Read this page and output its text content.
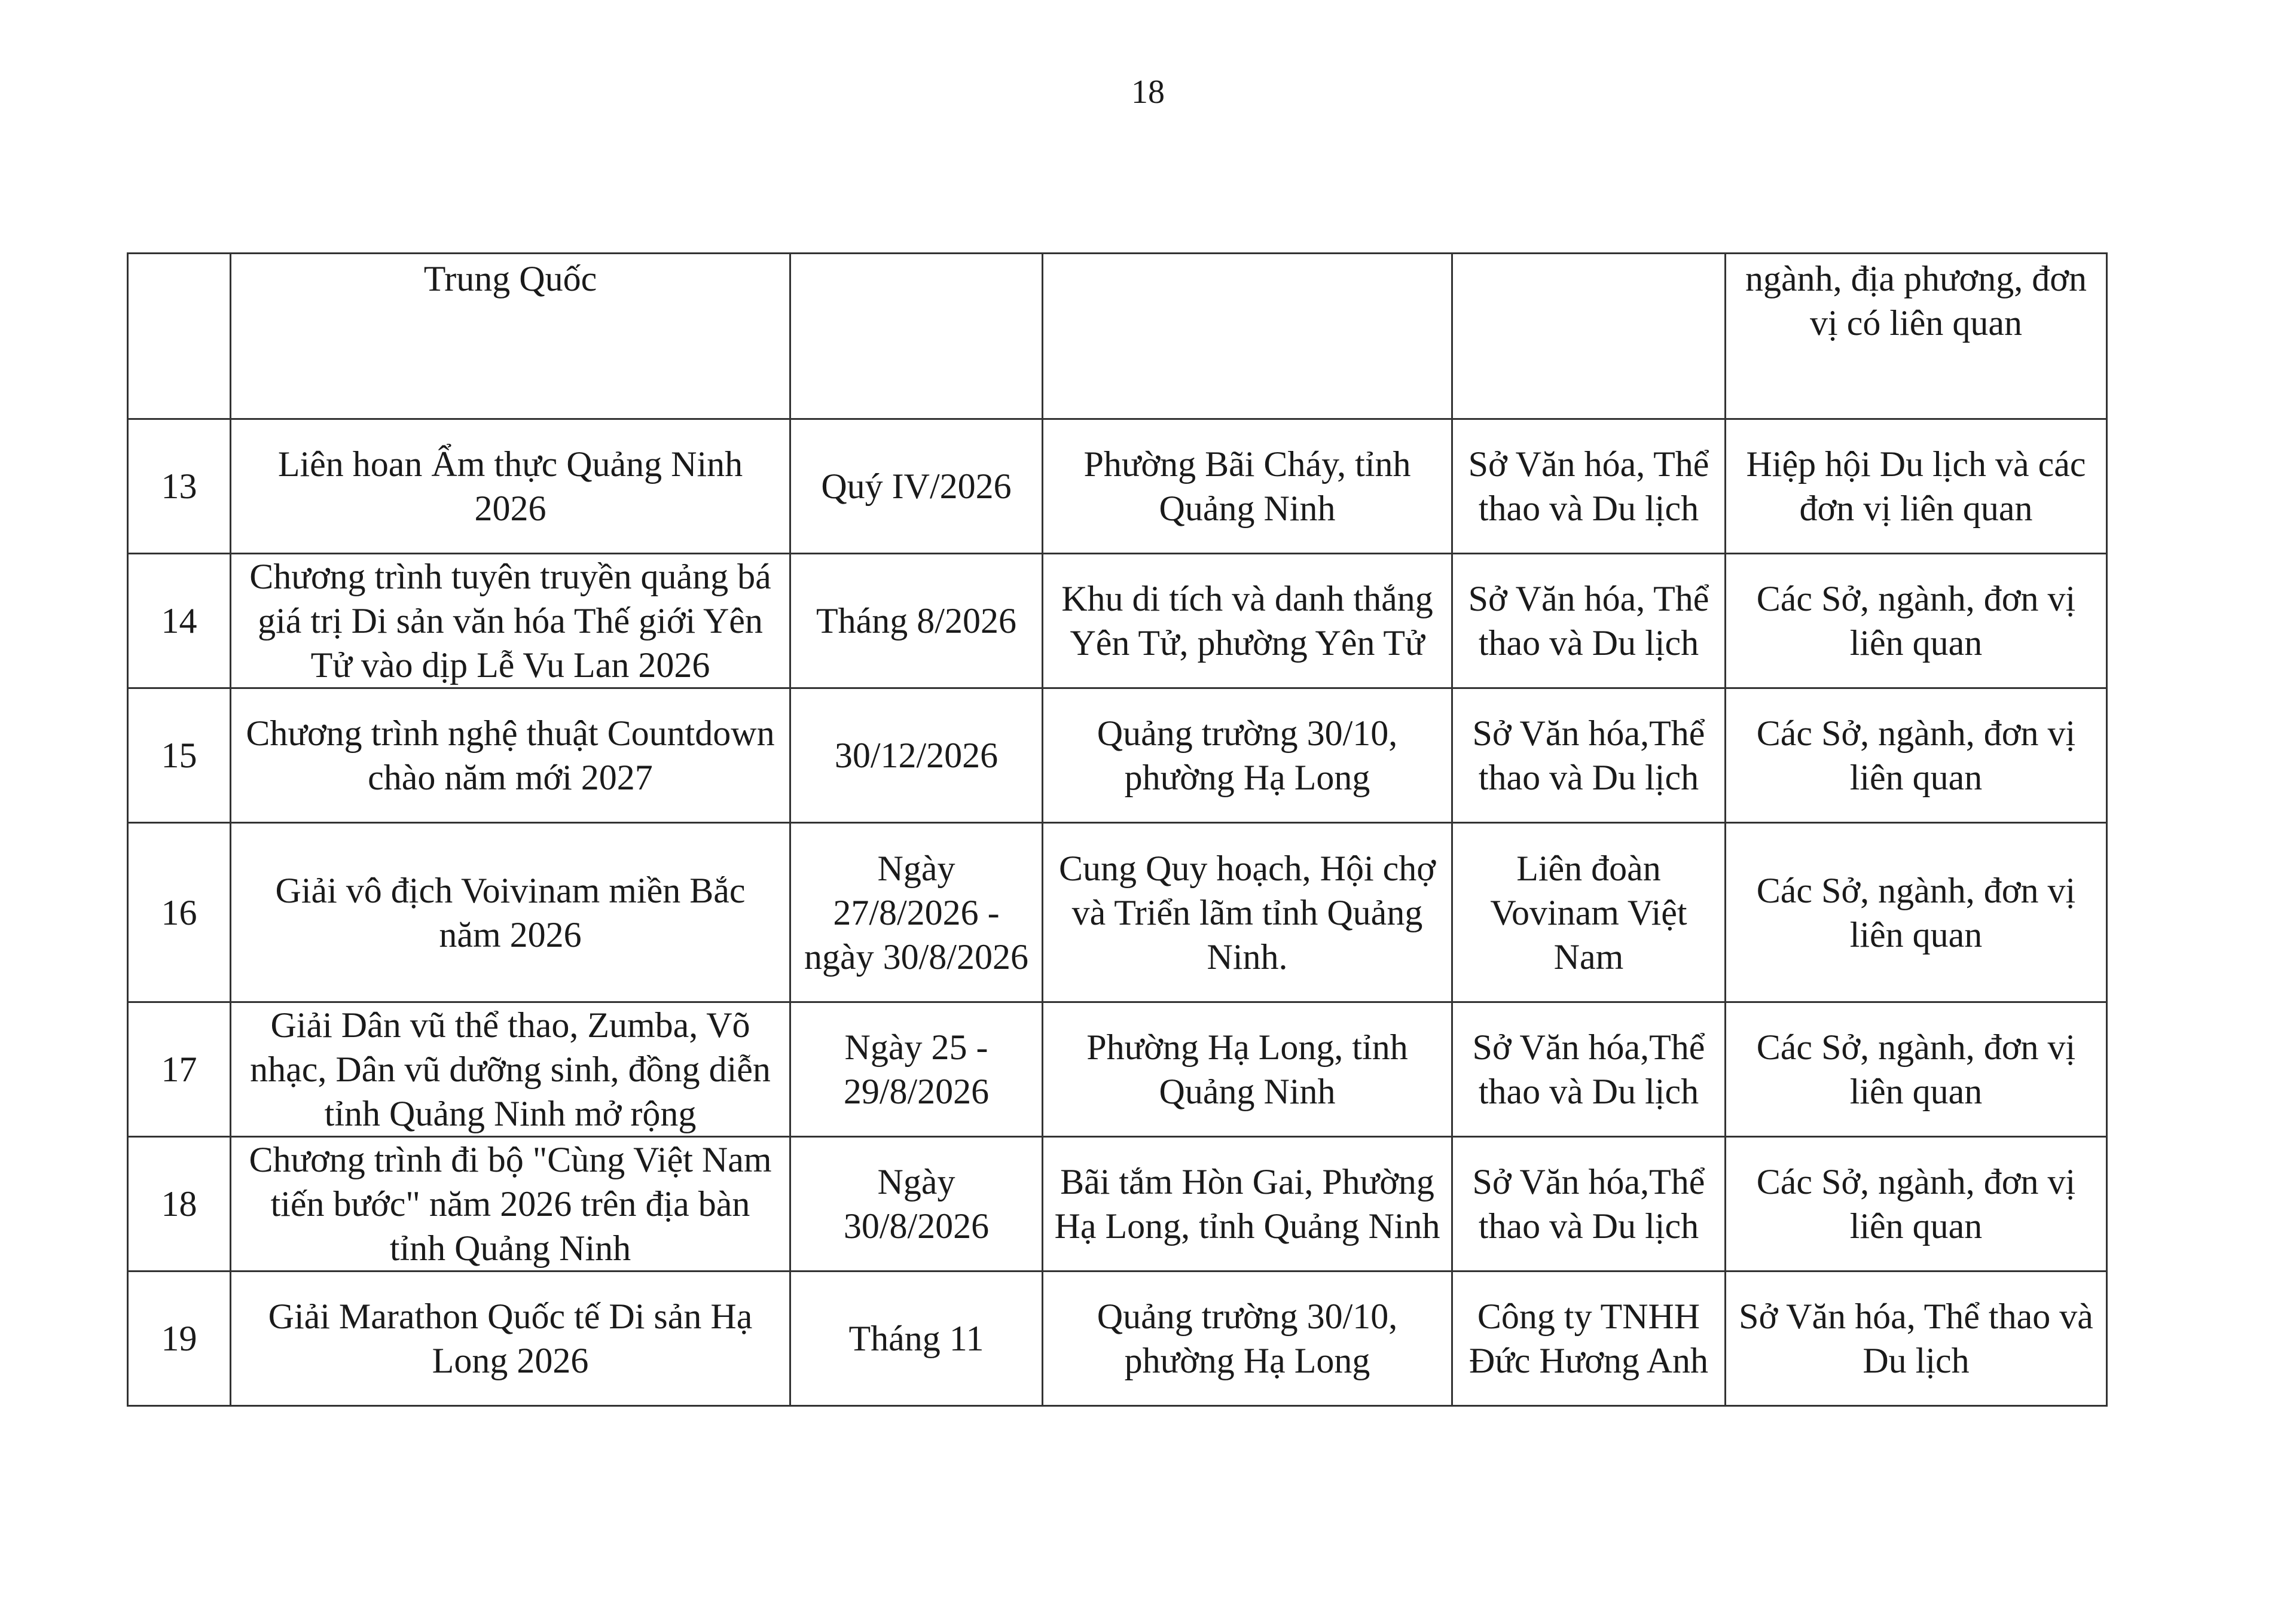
18
	Trung Quốc				ngành, địa phương, đơn vị có liên quan
13	Liên hoan Ẩm thực Quảng Ninh 2026	Quý IV/2026	Phường Bãi Cháy, tỉnh Quảng Ninh	Sở Văn hóa, Thể thao và Du lịch	Hiệp hội Du lịch và các đơn vị liên quan
14	Chương trình tuyên truyền quảng bá giá trị Di sản văn hóa Thế giới Yên Tử vào dịp Lễ Vu Lan 2026	Tháng 8/2026	Khu di tích và danh thắng Yên Tử, phường Yên Tử	Sở Văn hóa, Thể thao và Du lịch	Các Sở, ngành, đơn vị liên quan
15	Chương trình nghệ thuật Countdown chào năm mới 2027	30/12/2026	Quảng trường 30/10, phường Hạ Long	Sở Văn hóa,Thể thao và Du lịch	Các Sở, ngành, đơn vị liên quan
16	Giải vô địch Voivinam miền Bắc năm 2026	Ngày 27/8/2026 - ngày 30/8/2026	Cung Quy hoạch, Hội chợ và Triển lãm tỉnh Quảng Ninh.	Liên đoàn Vovinam Việt Nam	Các Sở, ngành, đơn vị liên quan
17	Giải Dân vũ thể thao, Zumba, Võ nhạc, Dân vũ dưỡng sinh, đồng diễn tỉnh Quảng Ninh mở rộng	Ngày 25 - 29/8/2026	Phường Hạ Long, tỉnh Quảng Ninh	Sở Văn hóa,Thể thao và Du lịch	Các Sở, ngành, đơn vị liên quan
18	Chương trình đi bộ "Cùng Việt Nam tiến bước" năm 2026 trên địa bàn tỉnh Quảng Ninh	Ngày 30/8/2026	Bãi tắm Hòn Gai, Phường Hạ Long, tỉnh Quảng Ninh	Sở Văn hóa,Thể thao và Du lịch	Các Sở, ngành, đơn vị liên quan
19	Giải Marathon Quốc tế Di sản Hạ Long 2026	Tháng 11	Quảng trường 30/10, phường Hạ Long	Công ty TNHH Đức Hương Anh	Sở Văn hóa, Thể thao và Du lịch
